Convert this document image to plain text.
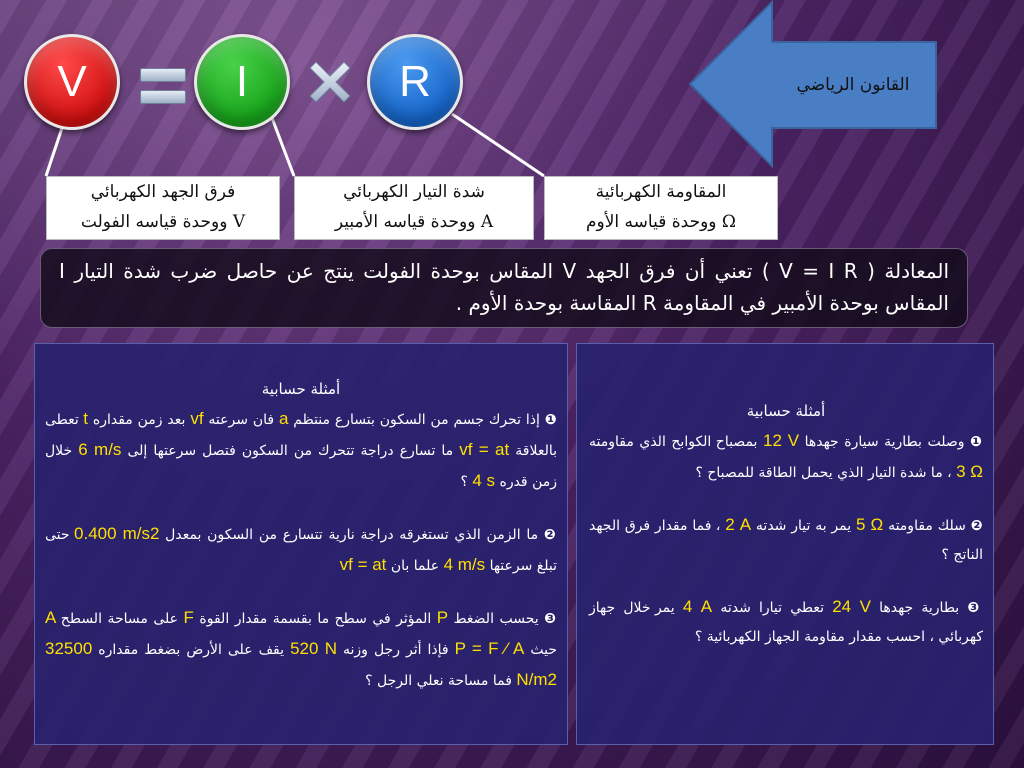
V	I	R	القانون الرياضي
فرق الجهد الكهربائي
ووحدة قياسه الفولت V
شدة التيار الكهربائي
ووحدة قياسه الأمبير A
المقاومة الكهربائية
ووحدة قياسه الأوم Ω
المعادلة ( V = I R ) تعني أن فرق الجهد V المقاس بوحدة الفولت ينتج عن حاصل ضرب شدة التيار I المقاس بوحدة الأمبير في المقاومة R المقاسة بوحدة الأوم .
أمثلة حسابية
❶ إذا تحرك جسم من السكون بتسارع منتظم a فان سرعته vf بعد زمن مقداره t تعطى بالعلاقة vf = at ما تسارع دراجة تتحرك من السكون فتصل سرعتها إلى 6 m/s خلال زمن قدره 4 s ؟
❷ ما الزمن الذي تستغرقه دراجة نارية تتسارع من السكون بمعدل 0.400 m/s2 حتى تبلغ سرعتها 4 m/s علما بان vf = at
❸ يحسب الضغط P المؤثر في سطح ما بقسمة مقدار القوة F على مساحة السطح A حيث P = F ⁄ A فإذا أثر رجل وزنه 520 N يقف على الأرض بضغط مقداره 32500 N/m2 فما مساحة نعلي الرجل ؟
أمثلة حسابية
❶ وصلت بطارية سيارة جهدها 12 V بمصباح الكوابح الذي مقاومته 3 Ω ، ما شدة التيار الذي يحمل الطاقة للمصباح ؟
❷ سلك مقاومته 5 Ω يمر به تيار شدته 2 A ، فما مقدار فرق الجهد الناتج ؟
❸ بطارية جهدها 24 V تعطي تيارا شدته 4 A يمر خلال جهاز كهربائي ، احسب مقدار مقاومة الجهاز الكهربائية ؟
